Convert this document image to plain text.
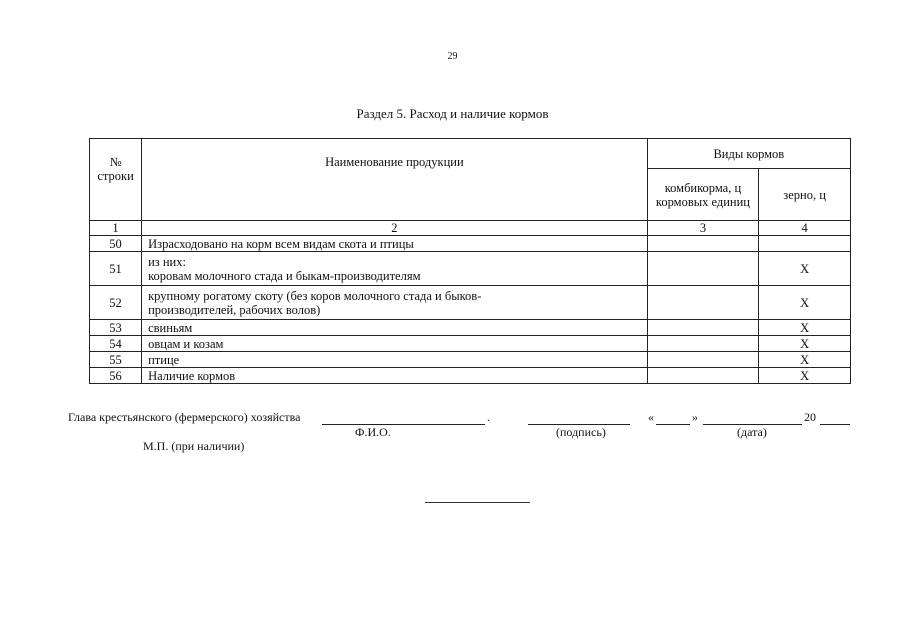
29
Раздел 5. Расход и наличие кормов
№ строки	Наименование продукции	Виды кормов	
		комбикорма, ц кормовых единиц	зерно, ц
1	2	3	4
50	Израсходовано на корм всем видам скота и птицы		

51	из них:
коровам молочного стада и быкам-производителям		Х
52	крупному рогатому скоту (без коров молочного стада и быков-
производителей, рабочих волов)		Х
53	свиньям		Х
54	овцам и козам		Х
55	птице		Х
56	Наличие кормов		Х
Глава крестьянского (фермерского) хозяйства	.	«	»	20
Ф.И.О.	(подпись)	(дата)
М.П. (при наличии)
